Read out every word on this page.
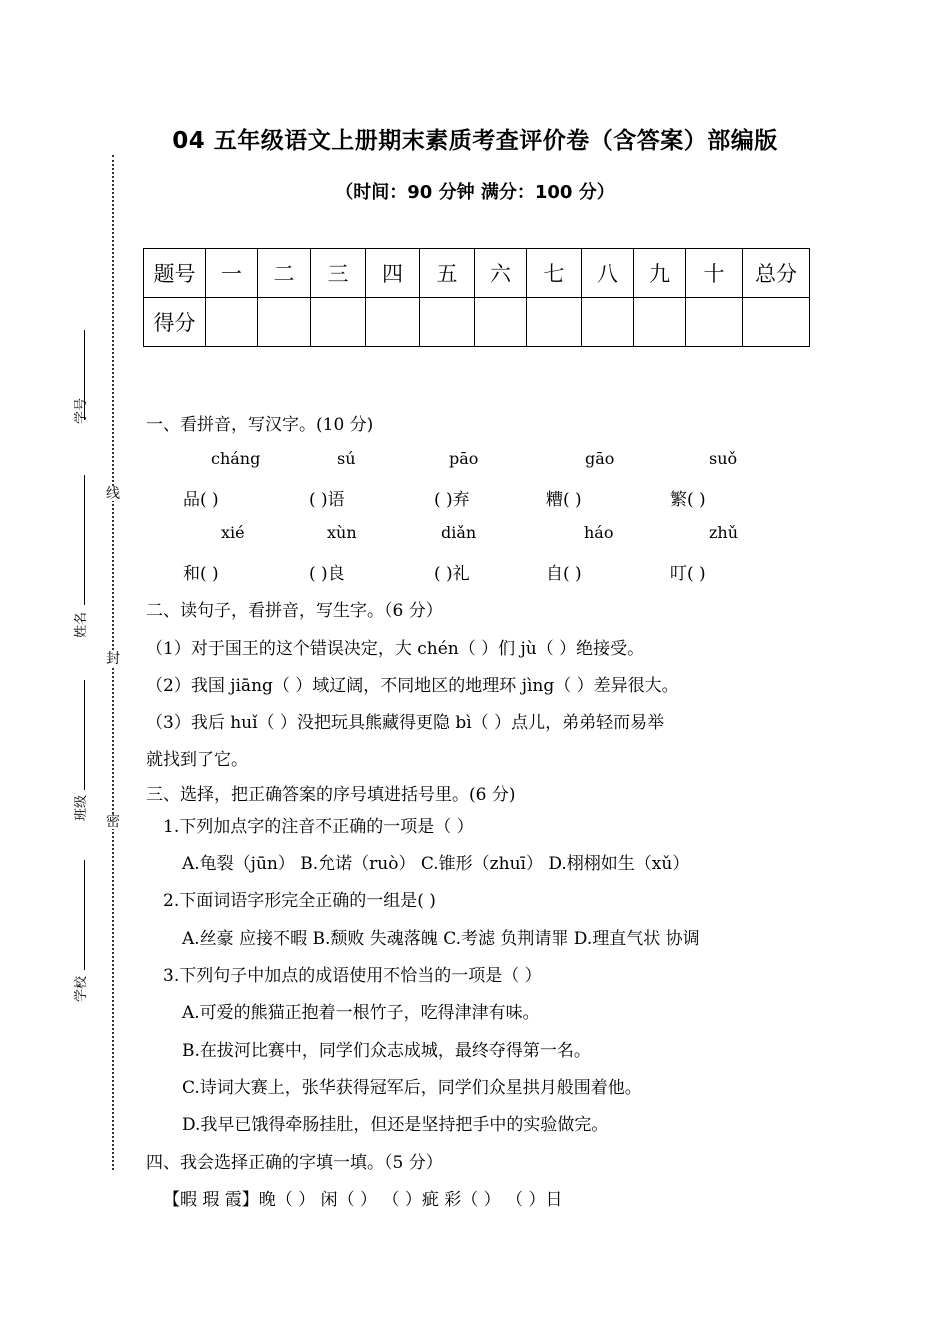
线
封
密
学号
姓名
班级
学校
04 五年级语文上册期末素质考查评价卷（含答案）部编版
（时间：90 分钟 满分：100 分）
题号	一	二	三	四	五	六	七	八	九	十	总分
得分											
一、看拼音，写汉字。(10 分)
cháng	sú	pāo	gāo	suǒ
品( )	( )语	( )弃	糟( )	繁( )
xié	xùn	diǎn	háo	zhǔ
和( )	( )良	( )礼	自( )	叮( )
二、读句子，看拼音，写生字。（6 分）
（1）对于国王的这个错误决定，大 chén（ ）们 jù（ ）绝接受。
（2）我国 jiāng（ ）域辽阔，不同地区的地理环 jìng（ ）差异很大。
（3）我后 huǐ（ ）没把玩具熊藏得更隐 bì（ ）点儿，弟弟轻而易举
就找到了它。
三、选择，把正确答案的序号填进括号里。(6 分)
1.下列加点字的注音不正确的一项是（ ）
A.龟裂（jūn） B.允诺（ruò） C.锥形（zhuī） D.栩栩如生（xǔ）
2.下面词语字形完全正确的一组是( )
A.丝豪 应接不暇 B.颓败 失魂落魄 C.考滤 负荆请罪 D.理直气状 协调
3.下列句子中加点的成语使用不恰当的一项是（ ）
A.可爱的熊猫正抱着一根竹子，吃得津津有味。
B.在拔河比赛中，同学们众志成城，最终夺得第一名。
C.诗词大赛上，张华获得冠军后，同学们众星拱月般围着他。
D.我早已饿得牵肠挂肚，但还是坚持把手中的实验做完。
四、我会选择正确的字填一填。（5 分）
【暇 瑕 霞】晚（ ） 闲（ ） （ ）疵 彩（ ） （ ）日
